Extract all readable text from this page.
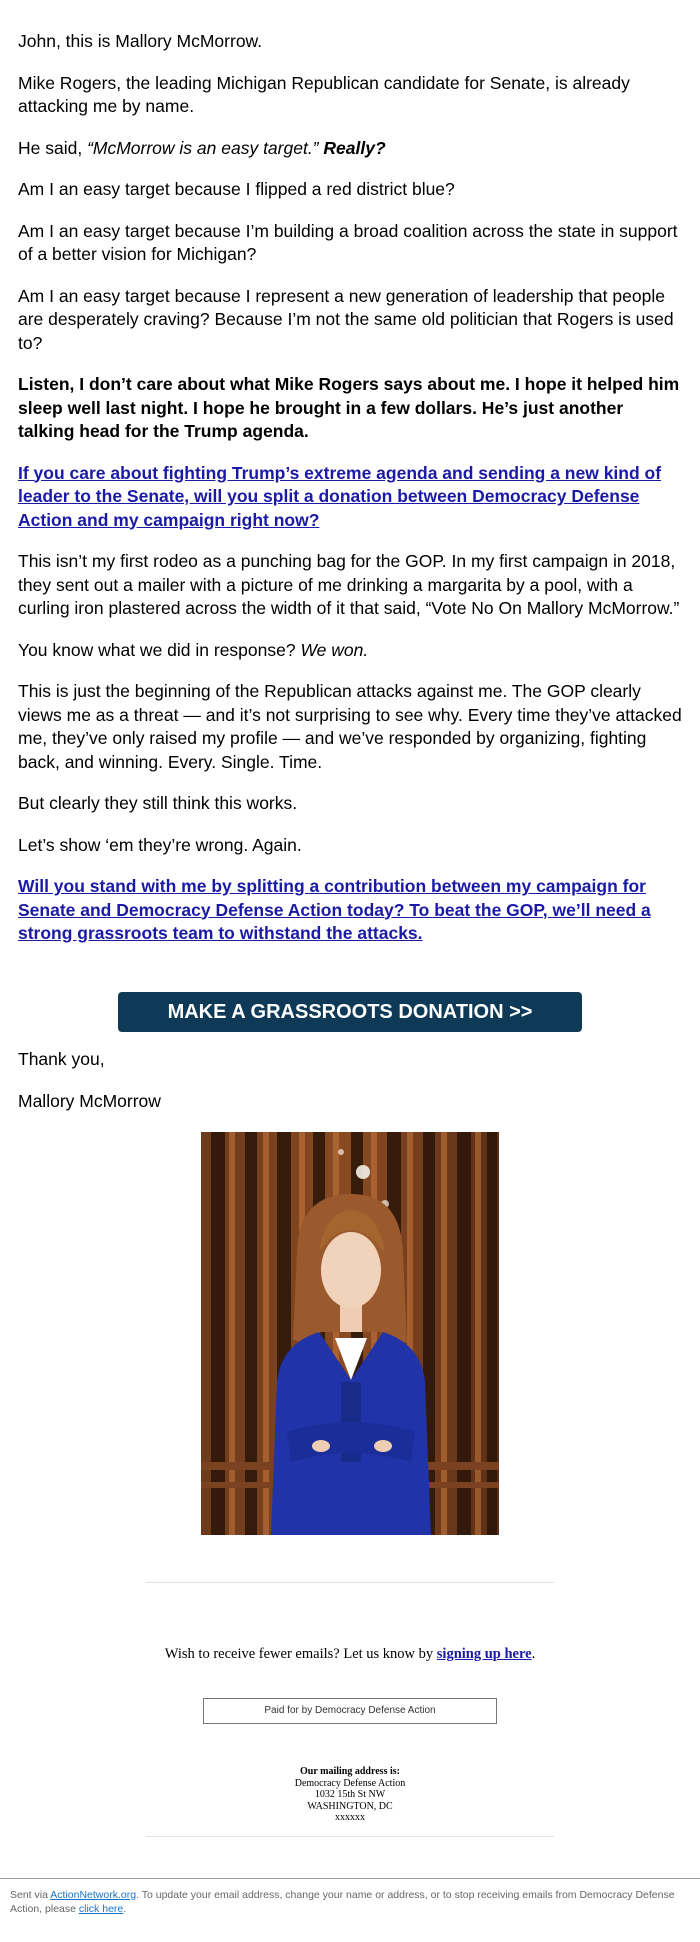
John, this is Mallory McMorrow.

Mike Rogers, the leading Michigan Republican candidate for Senate, is already attacking me by name.

He said, “McMorrow is an easy target.” Really?

Am I an easy target because I flipped a red district blue?

Am I an easy target because I’m building a broad coalition across the state in support of a better vision for Michigan?

Am I an easy target because I represent a new generation of leadership that people are desperately craving? Because I’m not the same old politician that Rogers is used to?

Listen, I don’t care about what Mike Rogers says about me. I hope it helped him sleep well last night. I hope he brought in a few dollars. He’s just another talking head for the Trump agenda.

If you care about fighting Trump’s extreme agenda and sending a new kind of leader to the Senate, will you split a donation between Democracy Defense Action and my campaign right now?

This isn’t my first rodeo as a punching bag for the GOP. In my first campaign in 2018, they sent out a mailer with a picture of me drinking a margarita by a pool, with a curling iron plastered across the width of it that said, “Vote No On Mallory McMorrow.”

You know what we did in response? We won.

This is just the beginning of the Republican attacks against me. The GOP clearly views me as a threat — and it’s not surprising to see why. Every time they’ve attacked me, they’ve only raised my profile — and we’ve responded by organizing, fighting back, and winning. Every. Single. Time.

But clearly they still think this works.

Let’s show ‘em they’re wrong. Again.

Will you stand with me by splitting a contribution between my campaign for Senate and Democracy Defense Action today? To beat the GOP, we’ll need a strong grassroots team to withstand the attacks.

MAKE A GRASSROOTS DONATION >>

Thank you,

Mallory McMorrow

Wish to receive fewer emails? Let us know by signing up here.
Paid for by Democracy Defense Action
Our mailing address is:
Democracy Defense Action
1032 15th St NW
WASHINGTON, DC
xxxxxx
Sent via ActionNetwork.org. To update your email address, change your name or address, or to stop receiving emails from Democracy Defense Action, please click here.
